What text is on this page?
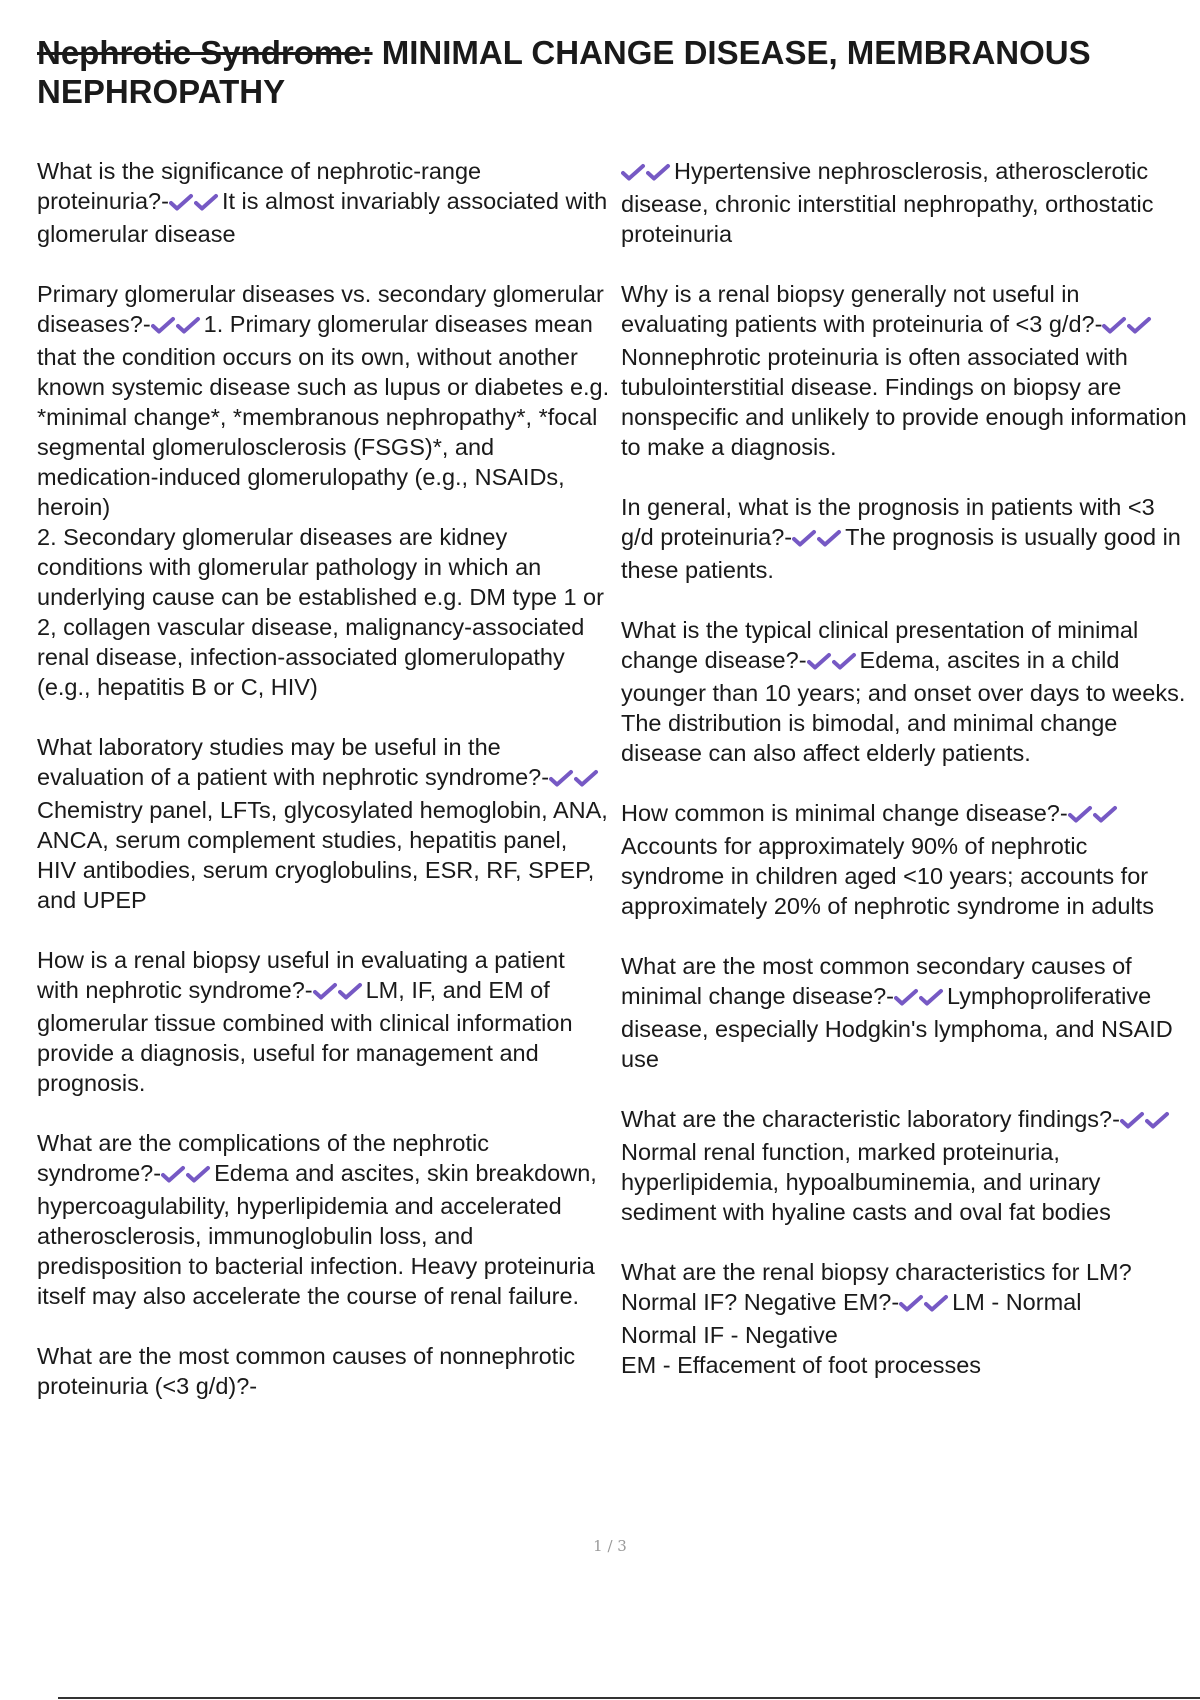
Nephrotic Syndrome: MINIMAL CHANGE DISEASE, MEMBRANOUS NEPHROPATHY

What is the significance of nephrotic-range proteinuria?- It is almost invariably associated with glomerular disease

Primary glomerular diseases vs. secondary glomerular diseases?- 1. Primary glomerular diseases mean that the condition occurs on its own, without another known systemic disease such as lupus or diabetes e.g. *minimal change*, *membranous nephropathy*, *focal segmental glomerulosclerosis (FSGS)*, and medication-induced glomerulopathy (e.g., NSAIDs, heroin)
2. Secondary glomerular diseases are kidney conditions with glomerular pathology in which an underlying cause can be established e.g. DM type 1 or 2, collagen vascular disease, malignancy-associated renal disease, infection-associated glomerulopathy (e.g., hepatitis B or C, HIV)

What laboratory studies may be useful in the evaluation of a patient with nephrotic syndrome?-Chemistry panel, LFTs, glycosylated hemoglobin, ANA, ANCA, serum complement studies, hepatitis panel, HIV antibodies, serum cryoglobulins, ESR, RF, SPEP, and UPEP

How is a renal biopsy useful in evaluating a patient with nephrotic syndrome?- LM, IF, and EM of glomerular tissue combined with clinical information provide a diagnosis, useful for management and prognosis.

What are the complications of the nephrotic syndrome?- Edema and ascites, skin breakdown, hypercoagulability, hyperlipidemia and accelerated atherosclerosis, immunoglobulin loss, and predisposition to bacterial infection. Heavy proteinuria itself may also accelerate the course of renal failure.

What are the most common causes of nonnephrotic proteinuria (<3 g/d)?-

Hypertensive nephrosclerosis, atherosclerotic disease, chronic interstitial nephropathy, orthostatic proteinuria

Why is a renal biopsy generally not useful in evaluating patients with proteinuria of <3 g/d?-Nonnephrotic proteinuria is often associated with tubulointerstitial disease. Findings on biopsy are nonspecific and unlikely to provide enough information to make a diagnosis.

In general, what is the prognosis in patients with <3 g/d proteinuria?- The prognosis is usually good in these patients.

What is the typical clinical presentation of minimal change disease?- Edema, ascites in a child younger than 10 years; and onset over days to weeks. The distribution is bimodal, and minimal change disease can also affect elderly patients.

How common is minimal change disease?-Accounts for approximately 90% of nephrotic syndrome in children aged <10 years; accounts for approximately 20% of nephrotic syndrome in adults

What are the most common secondary causes of minimal change disease?- Lymphoproliferative disease, especially Hodgkin's lymphoma, and NSAID use

What are the characteristic laboratory findings?-Normal renal function, marked proteinuria, hyperlipidemia, hypoalbuminemia, and urinary sediment with hyaline casts and oval fat bodies

What are the renal biopsy characteristics for LM? Normal IF? Negative EM?- LM - Normal
Normal IF - Negative
EM - Effacement of foot processes

1 / 3
